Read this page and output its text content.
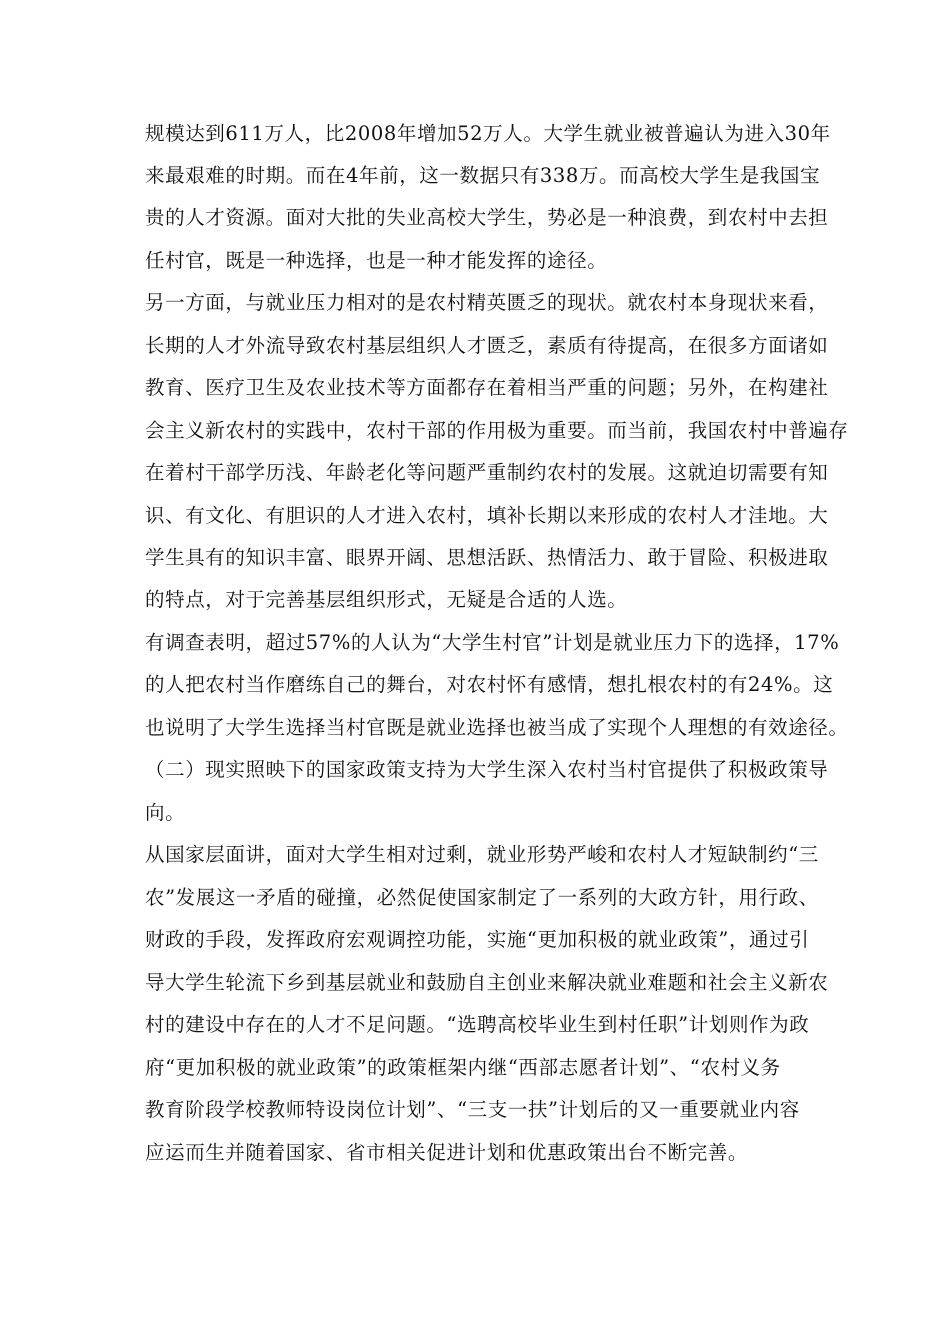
规模达到611万人，比2008年增加52万人。大学生就业被普遍认为进入30年
来最艰难的时期。而在4年前，这一数据只有338万。而高校大学生是我国宝
贵的人才资源。面对大批的失业高校大学生，势必是一种浪费，到农村中去担
任村官，既是一种选择，也是一种才能发挥的途径。
另一方面，与就业压力相对的是农村精英匮乏的现状。就农村本身现状来看，
长期的人才外流导致农村基层组织人才匮乏，素质有待提高，在很多方面诸如
教育、医疗卫生及农业技术等方面都存在着相当严重的问题；另外，在构建社
会主义新农村的实践中，农村干部的作用极为重要。而当前，我国农村中普遍存
在着村干部学历浅、年龄老化等问题严重制约农村的发展。这就迫切需要有知
识、有文化、有胆识的人才进入农村，填补长期以来形成的农村人才洼地。大
学生具有的知识丰富、眼界开阔、思想活跃、热情活力、敢于冒险、积极进取
的特点，对于完善基层组织形式，无疑是合适的人选。
有调查表明，超过57%的人认为“大学生村官”计划是就业压力下的选择，17%
的人把农村当作磨练自己的舞台，对农村怀有感情，想扎根农村的有24%。这
也说明了大学生选择当村官既是就业选择也被当成了实现个人理想的有效途径。
（二）现实照映下的国家政策支持为大学生深入农村当村官提供了积极政策导
向。
从国家层面讲，面对大学生相对过剩，就业形势严峻和农村人才短缺制约“三
农”发展这一矛盾的碰撞，必然促使国家制定了一系列的大政方针，用行政、
财政的手段，发挥政府宏观调控功能，实施“更加积极的就业政策”，通过引
导大学生轮流下乡到基层就业和鼓励自主创业来解决就业难题和社会主义新农
村的建设中存在的人才不足问题。“选聘高校毕业生到村任职”计划则作为政
府“更加积极的就业政策”的政策框架内继“西部志愿者计划”、“农村义务
教育阶段学校教师特设岗位计划”、“三支一扶”计划后的又一重要就业内容
应运而生并随着国家、省市相关促进计划和优惠政策出台不断完善。
